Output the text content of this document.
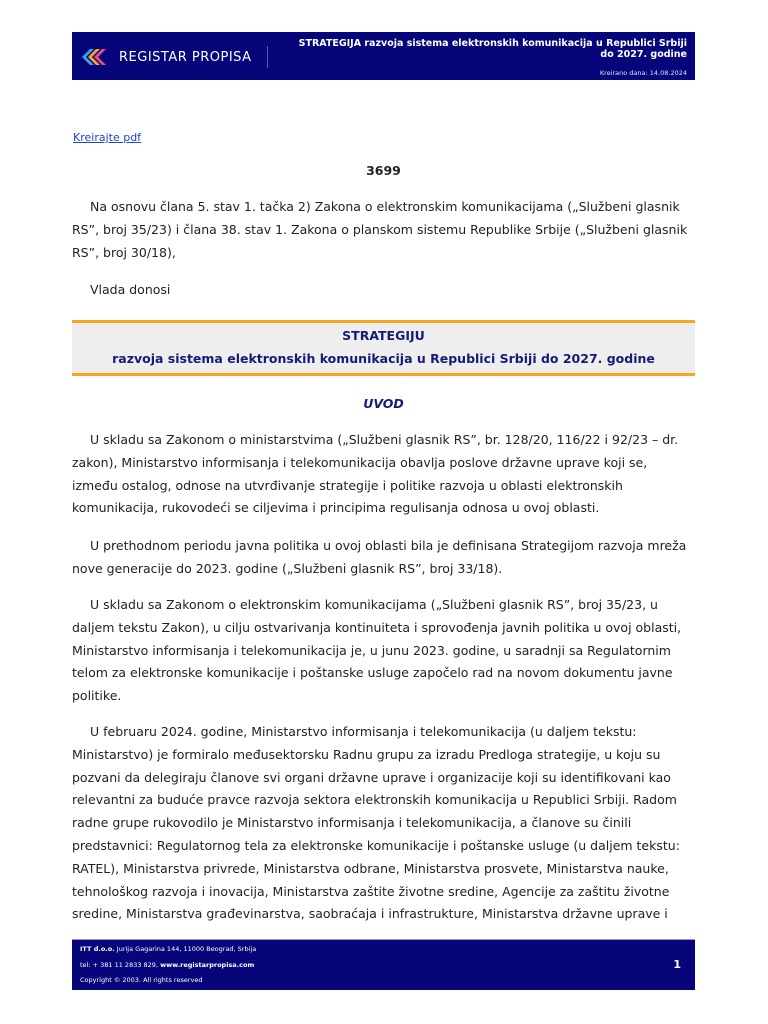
REGISTAR PROPISA
STRATEGIJA razvoja sistema elektronskih komunikacija u Republici Srbiji do 2027. godine
Kreirano dana: 14.08.2024
Kreirajte pdf
3699

Na osnovu člana 5. stav 1. tačka 2) Zakona o elektronskim komunikacijama („Službeni glasnik RS”, broj 35/23) i člana 38. stav 1. Zakona o planskom sistemu Republike Srbije („Službeni glasnik RS”, broj 30/18),

Vlada donosi

STRATEGIJU
razvoja sistema elektronskih komunikacija u Republici Srbiji do 2027. godine
UVOD

U skladu sa Zakonom o ministarstvima („Službeni glasnik RS”, br. 128/20, 116/22 i 92/23 – dr. zakon), Ministarstvo informisanja i telekomunikacija obavlja poslove državne uprave koji se, između ostalog, odnose na utvrđivanje strategije i politike razvoja u oblasti elektronskih komunikacija, rukovodeći se ciljevima i principima regulisanja odnosa u ovoj oblasti.

U prethodnom periodu javna politika u ovoj oblasti bila je definisana Strategijom razvoja mreža nove generacije do 2023. godine („Službeni glasnik RS”, broj 33/18).

U skladu sa Zakonom o elektronskim komunikacijama („Službeni glasnik RS”, broj 35/23, u daljem tekstu Zakon), u cilju ostvarivanja kontinuiteta i sprovođenja javnih politika u ovoj oblasti, Ministarstvo informisanja i telekomunikacija je, u junu 2023. godine, u saradnji sa Regulatornim telom za elektronske komunikacije i poštanske usluge započelo rad na novom dokumentu javne politike.

U februaru 2024. godine, Ministarstvo informisanja i telekomunikacija (u daljem tekstu: Ministarstvo) je formiralo međusektorsku Radnu grupu za izradu Predloga strategije, u koju su pozvani da delegiraju članove svi organi državne uprave i organizacije koji su identifikovani kao relevantni za buduće pravce razvoja sektora elektronskih komunikacija u Republici Srbiji. Radom radne grupe rukovodilo je Ministarstvo informisanja i telekomunikacija, a članove su činili predstavnici: Regulatornog tela za elektronske komunikacije i poštanske usluge (u daljem tekstu: RATEL), Ministarstva privrede, Ministarstva odbrane, Ministarstva prosvete, Ministarstva nauke, tehnološkog razvoja i inovacija, Ministarstva zaštite životne sredine, Agencije za zaštitu životne sredine, Ministarstva građevinarstva, saobraćaja i infrastrukture, Ministarstva državne uprave i

ITT d.o.o. Jurija Gagarina 144, 11000 Beograd, Srbija
tel: + 381 11 2833 829, www.registarpropisa.com
Copyright © 2003. All rights reserved
1
